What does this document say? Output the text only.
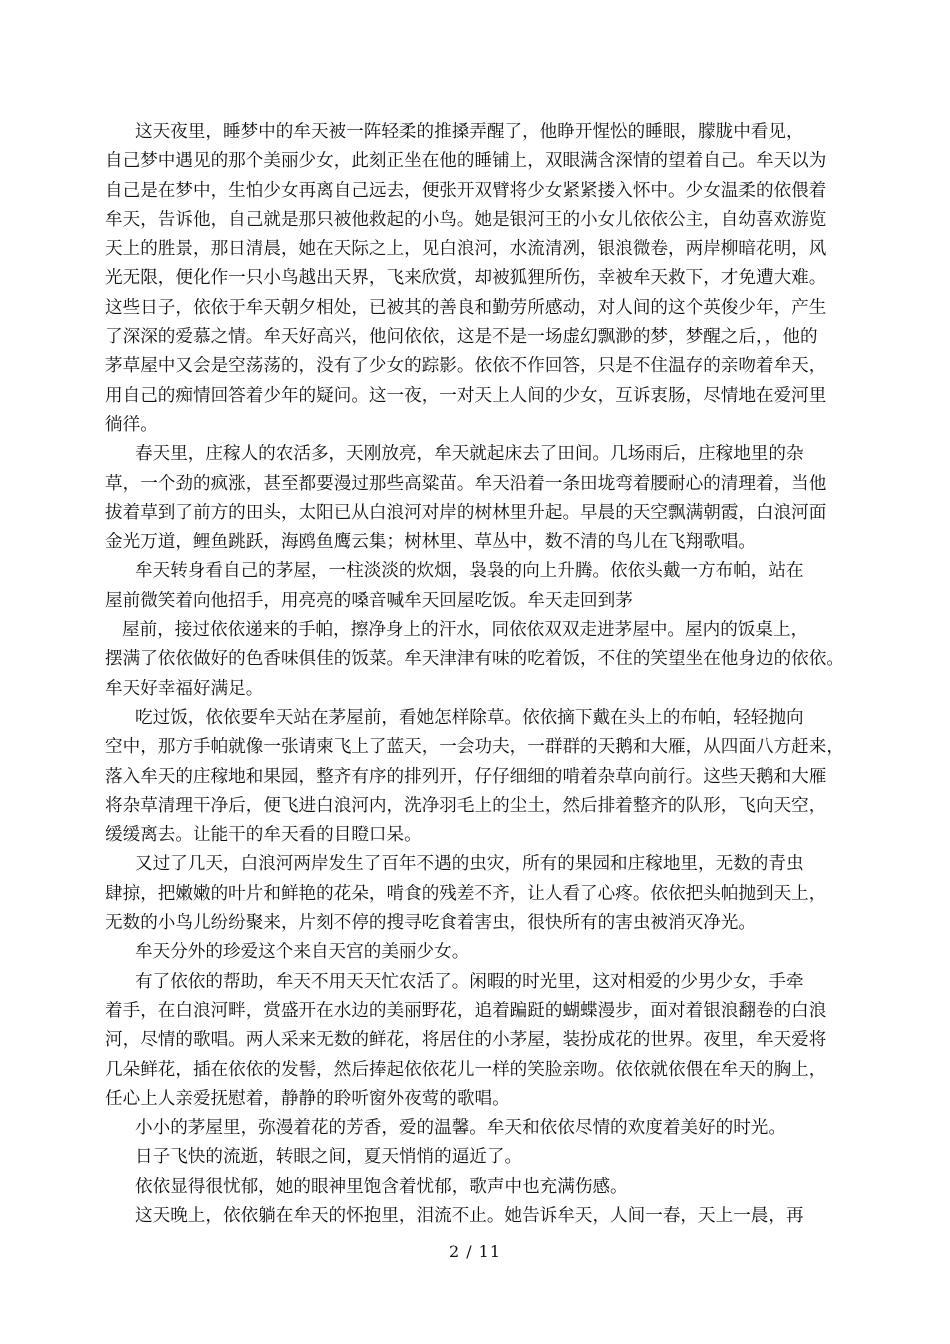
这天夜里，睡梦中的牟天被一阵轻柔的推搡弄醒了，他睁开惺忪的睡眼，朦胧中看见，
自己梦中遇见的那个美丽少女，此刻正坐在他的睡铺上，双眼满含深情的望着自己。牟天以为
自己是在梦中，生怕少女再离自己远去，便张开双臂将少女紧紧搂入怀中。少女温柔的依偎着
牟天，告诉他，自己就是那只被他救起的小鸟。她是银河王的小女儿依依公主，自幼喜欢游览
天上的胜景，那日清晨，她在天际之上，见白浪河，水流清冽，银浪微卷，两岸柳暗花明，风
光无限，便化作一只小鸟越出天界，飞来欣赏，却被狐狸所伤，幸被牟天救下，才免遭大难。
这些日子，依依于牟天朝夕相处，已被其的善良和勤劳所感动，对人间的这个英俊少年，产生
了深深的爱慕之情。牟天好高兴，他问依依，这是不是一场虚幻飘渺的梦，梦醒之后，，他的
茅草屋中又会是空荡荡的，没有了少女的踪影。依依不作回答，只是不住温存的亲吻着牟天，
用自己的痴情回答着少年的疑问。这一夜，一对天上人间的少女，互诉衷肠，尽情地在爱河里
徜徉。
春天里，庄稼人的农活多，天刚放亮，牟天就起床去了田间。几场雨后，庄稼地里的杂
草，一个劲的疯涨，甚至都要漫过那些高粱苗。牟天沿着一条田垅弯着腰耐心的清理着，当他
拔着草到了前方的田头，太阳已从白浪河对岸的树林里升起。早晨的天空飘满朝霞，白浪河面
金光万道，鲤鱼跳跃，海鸥鱼鹰云集；树林里、草丛中，数不清的鸟儿在飞翔歌唱。
牟天转身看自己的茅屋，一柱淡淡的炊烟，袅袅的向上升腾。依依头戴一方布帕，站在
屋前微笑着向他招手，用亮亮的嗓音喊牟天回屋吃饭。牟天走回到茅
屋前，接过依依递来的手帕，擦净身上的汗水，同依依双双走进茅屋中。屋内的饭桌上，
摆满了依依做好的色香味俱佳的饭菜。牟天津津有味的吃着饭，不住的笑望坐在他身边的依依。
牟天好幸福好满足。
吃过饭，依依要牟天站在茅屋前，看她怎样除草。依依摘下戴在头上的布帕，轻轻抛向
空中，那方手帕就像一张请柬飞上了蓝天，一会功夫，一群群的天鹅和大雁，从四面八方赶来，
落入牟天的庄稼地和果园，整齐有序的排列开，仔仔细细的啃着杂草向前行。这些天鹅和大雁
将杂草清理干净后，便飞进白浪河内，洗净羽毛上的尘土，然后排着整齐的队形，飞向天空，
缓缓离去。让能干的牟天看的目瞪口呆。
又过了几天，白浪河两岸发生了百年不遇的虫灾，所有的果园和庄稼地里，无数的青虫
肆掠，把嫩嫩的叶片和鲜艳的花朵，啃食的残差不齐，让人看了心疼。依依把头帕抛到天上，
无数的小鸟儿纷纷聚来，片刻不停的搜寻吃食着害虫，很快所有的害虫被消灭净光。
牟天分外的珍爱这个来自天宫的美丽少女。
有了依依的帮助，牟天不用天天忙农活了。闲暇的时光里，这对相爱的少男少女，手牵
着手，在白浪河畔，赏盛开在水边的美丽野花，追着蹁跹的蝴蝶漫步，面对着银浪翻卷的白浪
河，尽情的歌唱。两人采来无数的鲜花，将居住的小茅屋，装扮成花的世界。夜里，牟天爱将
几朵鲜花，插在依依的发髻，然后捧起依依花儿一样的笑脸亲吻。依依就依偎在牟天的胸上，
任心上人亲爱抚慰着，静静的聆听窗外夜莺的歌唱。
小小的茅屋里，弥漫着花的芳香，爱的温馨。牟天和依依尽情的欢度着美好的时光。
日子飞快的流逝，转眼之间，夏天悄悄的逼近了。
依依显得很忧郁，她的眼神里饱含着忧郁，歌声中也充满伤感。
这天晚上，依依躺在牟天的怀抱里，泪流不止。她告诉牟天，人间一春，天上一晨，再
2 / 11
